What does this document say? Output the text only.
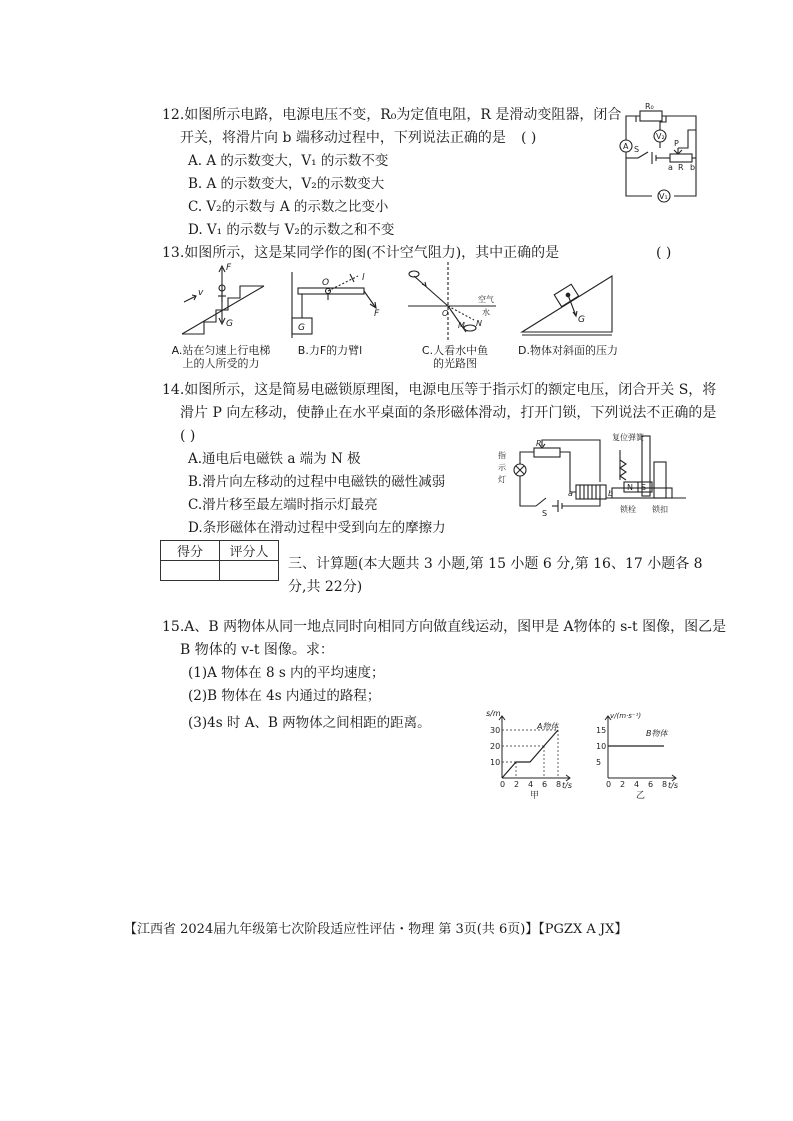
12.如图所示电路，电源电压不变，R₀为定值电阻，R 是滑动变阻器，闭合
开关，将滑片向 b 端移动过程中，下列说法正确的是 ( )
A. A 的示数变大，V₁ 的示数不变
B. A 的示数变大，V₂的示数变大
C. V₂的示数与 A 的示数之比变小
D. V₁ 的示数与 V₂的示数之和不变
R₀
A
V₂
V₁
S
P
R
a b
13.如图所示，这是某同学作的图(不计空气阻力)，其中正确的是	( )
F
G
v
O	l
F
G
O
空气
水
M N	G
A.站在匀速上行电梯
上的人所受的力
B.力F的力臂l	C.人看水中鱼
的光路图
D.物体对斜面的压力
14.如图所示，这是简易电磁锁原理图，电源电压等于指示灯的额定电压，闭合开关 S，将
滑片 P 向左移动，使静止在水平桌面的条形磁体滑动，打开门锁，下列说法不正确的是
( )
A.通电后电磁铁 a 端为 N 极
B.滑片向左移动的过程中电磁铁的磁性减弱
C.滑片移至最左端时指示灯最亮
D.条形磁体在滑动过程中受到向左的摩擦力
复位弹簧
指
示
灯
P
a	b
S
N S
锁栓 锁扣
得分	评分人

三、计算题(本大题共 3 小题,第 15 小题 6 分,第 16、17 小题各 8
分,共 22分)
15.A、B 两物体从同一地点同时向相同方向做直线运动，图甲是 A物体的 s-t 图像，图乙是
B 物体的 v-t 图像。求：
(1)A 物体在 8 s 内的平均速度；
(2)B 物体在 4s 内通过的路程；
(3)4s 时 A、B 两物体之间相距的距离。
0 2 4 6 8
10
20
30
s/m
t/s
A物体
甲
0 2 4 6 8
5
10
15
v/(m·s⁻¹)
t/s
B物体
乙
【江西省 2024届九年级第七次阶段适应性评估・物理 第 3页(共 6页)】【PGZX A JX】
